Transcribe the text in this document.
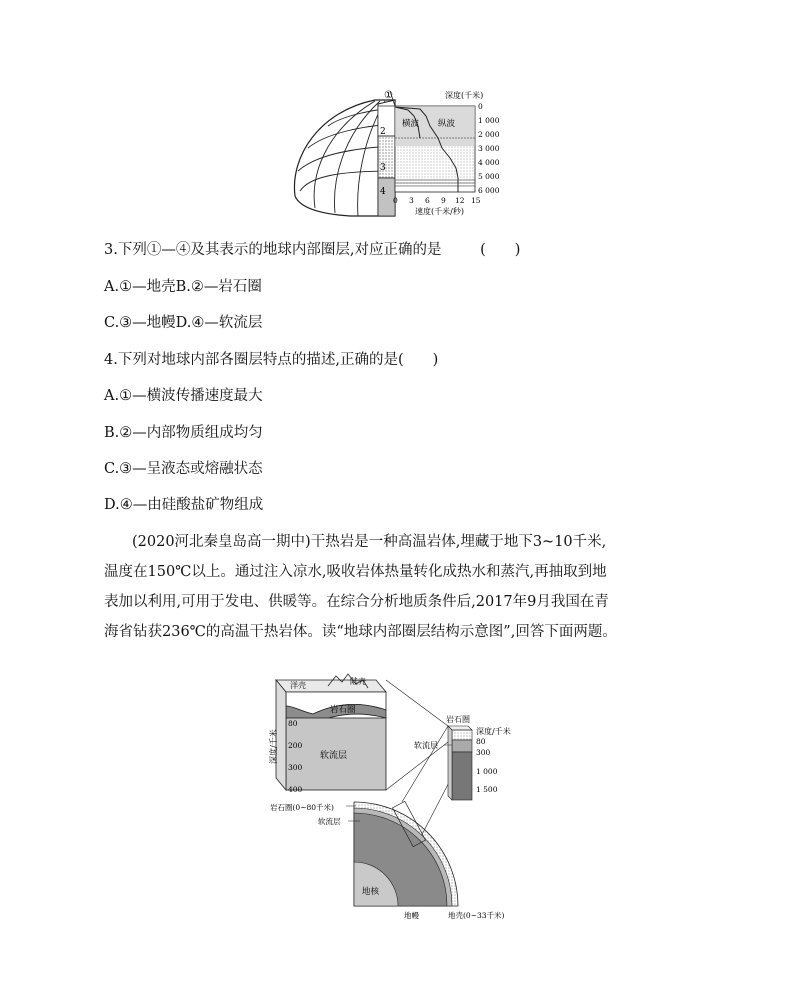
①
2
3
4
横波 纵波
深度(千米)
0
1 000
2 000
3 000
4 000
5 000
6 000
0 3 6 9 12 15
速度(千米/秒)
3.下列①—④及其表示的地球内部圈层,对应正确的是	(　　)
A.①—地壳B.②—岩石圈
C.③—地幔D.④—软流层
4.下列对地球内部各圈层特点的描述,正确的是(　　)
A.①—横波传播速度最大
B.②—内部物质组成均匀
C.③—呈液态或熔融状态
D.④—由硅酸盐矿物组成
(2020河北秦皇岛高一期中)干热岩是一种高温岩体,埋藏于地下3~10千米,
温度在150℃以上。通过注入凉水,吸收岩体热量转化成热水和蒸汽,再抽取到地
表加以利用,可用于发电、供暖等。在综合分析地质条件后,2017年9月我国在青
海省钻获236℃的高温干热岩体。读“地球内部圈层结构示意图”,回答下面两题。
洋壳	陆壳
岩石圈
软流层
深度/千米
80
200
300
400
岩石圈
深度/千米
80
300
1 000
1 500
软流层
岩石圈(0~80千米)
软流层
地核
地幔	地壳(0~33千米)
